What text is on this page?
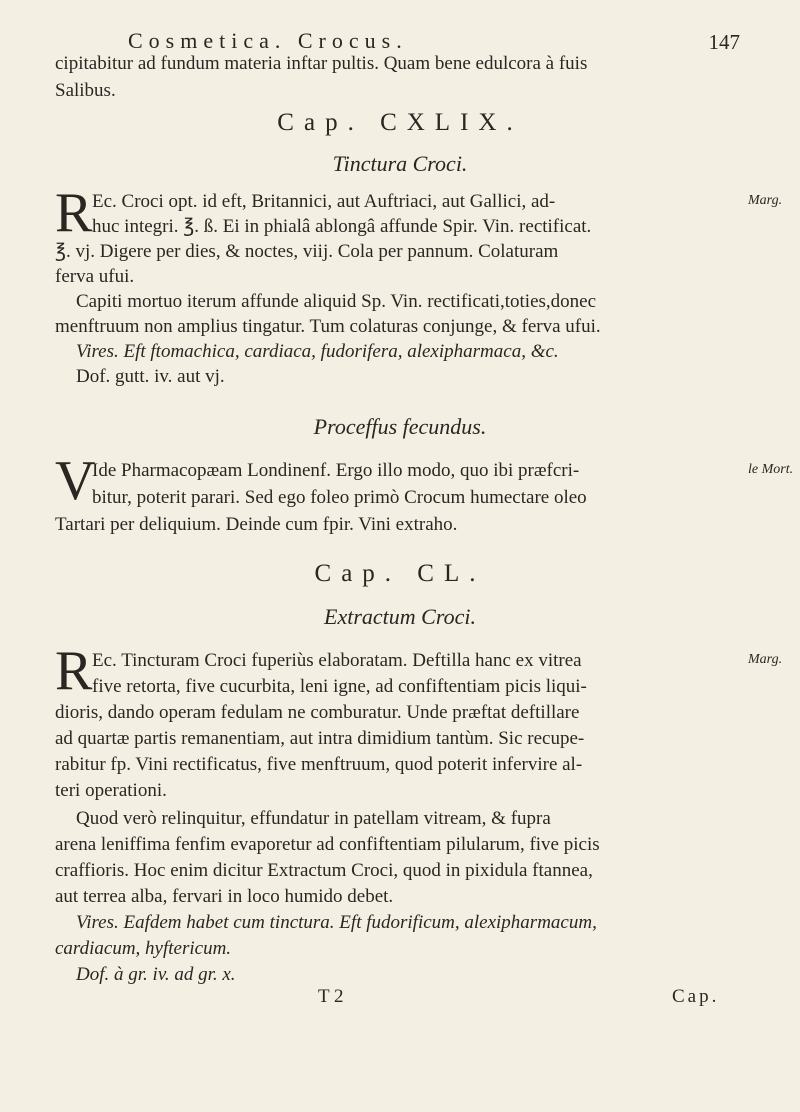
Cosmetica. Crocus.	147
cipitabitur ad fundum materia inftar pultis. Quam bene edulcora à fuis
Salibus.
Cap. CXLIX.
Tinctura Croci.
R Ec. Croci opt. id eft, Britannici, aut Auftriaci, aut Gallici, ad-
huc integri. ℥. ß. Ei in phialâ ablongâ affunde Spir. Vin. rectificat.
℥. vj. Digere per dies, & noctes, viij. Cola per pannum. Colaturam
ferva ufui.
Capiti mortuo iterum affunde aliquid Sp. Vin. rectificati,toties,donec
menftruum non amplius tingatur. Tum colaturas conjunge, & ferva ufui.
Vires. Eft ftomachica, cardiaca, fudorifera, alexipharmaca, &c.
Dof. gutt. iv. aut vj.
Marg.
Proceffus fecundus.
V
Ide Pharmacopæam Londinenf. Ergo illo modo, quo ibi præfcri-
bitur, poterit parari. Sed ego foleo primò Crocum humectare oleo
Tartari per deliquium. Deinde cum fpir. Vini extraho.
le Mort.
Cap. CL.
Extractum Croci.
R Ec. Tincturam Croci fuperiùs elaboratam. Deftilla hanc ex vitrea
five retorta, five cucurbita, leni igne, ad confiftentiam picis liqui-
dioris, dando operam fedulam ne comburatur. Unde præftat deftillare
ad quartæ partis remanentiam, aut intra dimidium tantùm. Sic recupe-
rabitur fp. Vini rectificatus, five menftruum, quod poterit infervire al-
teri operationi.
Quod verò relinquitur, effundatur in patellam vitream, & fupra
arena leniffima fenfim evaporetur ad confiftentiam pilularum, five picis
craffioris. Hoc enim dicitur Extractum Croci, quod in pixidula ftannea,
aut terrea alba, fervari in loco humido debet.
Vires. Eafdem habet cum tinctura. Eft fudorificum, alexipharmacum,
cardiacum, hyftericum.
Dof. à gr. iv. ad gr. x.
Marg.
T 2	Cap.
